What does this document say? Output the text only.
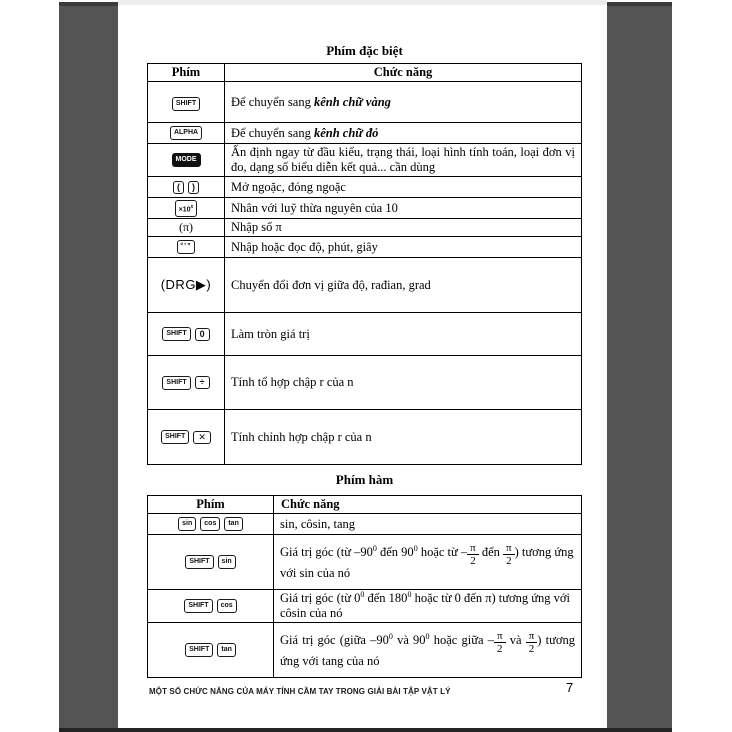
Phím đặc biệt
Phím	Chức năng
SHIFT	Để chuyển sang kênh chữ vàng
ALPHA	Để chuyển sang kênh chữ đỏ
MODE	Ấn định ngay từ đầu kiểu, trạng thái, loại hình tính toán, loại đơn vị đo, dạng số biểu diễn kết quả... cần dùng
( )	Mở ngoặc, đóng ngoặc
$\times 10^x$	Nhân với luỹ thừa nguyên của 10
(π)	Nhập số π
°’”	Nhập hoặc đọc độ, phút, giây
(DRG▶)	Chuyển đổi đơn vị giữa độ, rađian, grad
SHIFT 0	Làm tròn giá trị
SHIFT ÷	Tính tổ hợp chập r của n
SHIFT ✕	Tính chỉnh hợp chập r của n
Phím hàm
Phím	Chức năng
sin cos tan	sin, côsin, tang
SHIFT sin	Giá trị góc (từ $-90^0$ đến $90^0$ hoặc từ – $\frac{\pi}{2}$ đến $\frac{\pi}{2}$ ) tương ứng với sin của nó
SHIFT cos	Giá trị góc (từ $0^0$ đến $180^0$ hoặc từ 0 đến π) tương ứng với côsin của nó
SHIFT tan	Giá trị góc (giữa $-90^0$ và $90^0$ hoặc giữa – $\frac{\pi}{2}$ và $\frac{\pi}{2}$ ) tương ứng với tang của nó
MỘT SỐ CHỨC NĂNG CỦA MÁY TÍNH CẦM TAY TRONG GIẢI BÀI TẬP VẬT LÝ	7
